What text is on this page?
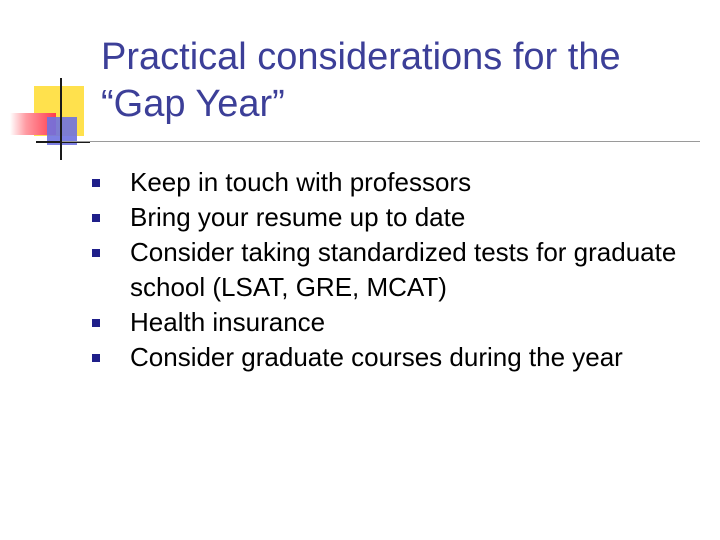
Practical considerations for the “Gap Year”
Keep in touch with professors
Bring your resume up to date
Consider taking standardized tests for graduate school (LSAT, GRE, MCAT)
Health insurance
Consider graduate courses during the year
